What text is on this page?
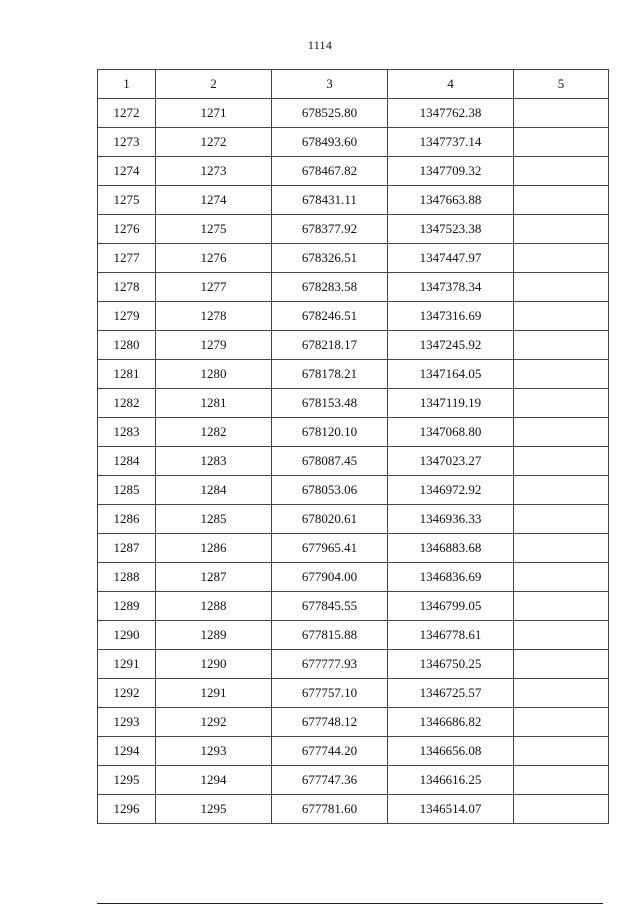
1114
1	2	3	4	5
1272	1271	678525.80	1347762.38	
1273	1272	678493.60	1347737.14	
1274	1273	678467.82	1347709.32	
1275	1274	678431.11	1347663.88	
1276	1275	678377.92	1347523.38	
1277	1276	678326.51	1347447.97	
1278	1277	678283.58	1347378.34	
1279	1278	678246.51	1347316.69	
1280	1279	678218.17	1347245.92	
1281	1280	678178.21	1347164.05	
1282	1281	678153.48	1347119.19	
1283	1282	678120.10	1347068.80	
1284	1283	678087.45	1347023.27	
1285	1284	678053.06	1346972.92	
1286	1285	678020.61	1346936.33	
1287	1286	677965.41	1346883.68	
1288	1287	677904.00	1346836.69	
1289	1288	677845.55	1346799.05	
1290	1289	677815.88	1346778.61	
1291	1290	677777.93	1346750.25	
1292	1291	677757.10	1346725.57	
1293	1292	677748.12	1346686.82	
1294	1293	677744.20	1346656.08	
1295	1294	677747.36	1346616.25	
1296	1295	677781.60	1346514.07	
